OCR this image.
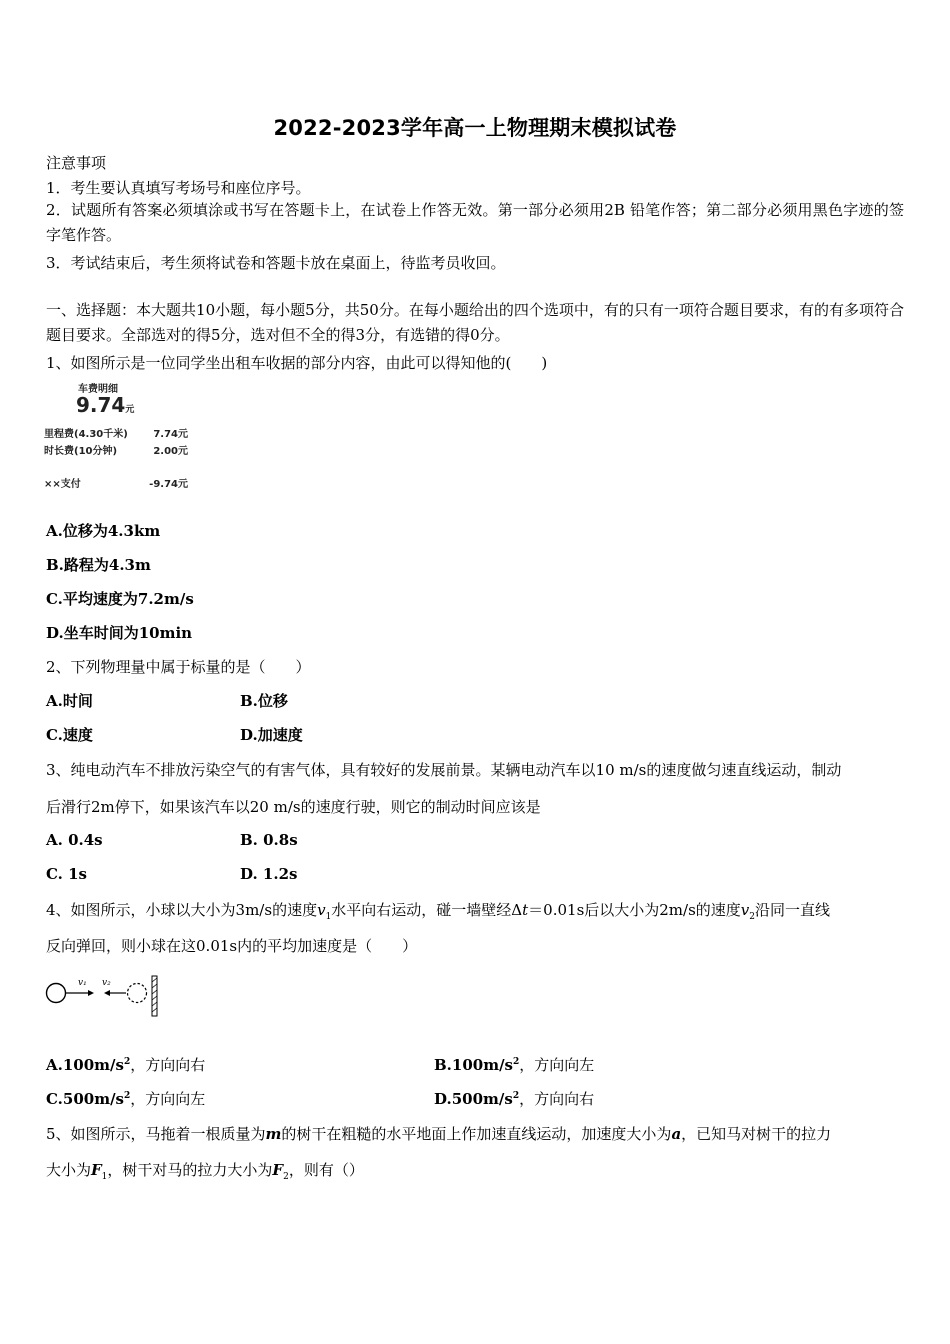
2022-2023学年高一上物理期末模拟试卷
注意事项
1．考生要认真填写考场号和座位序号。
2．试题所有答案必须填涂或书写在答题卡上，在试卷上作答无效。第一部分必须用2B 铅笔作答；第二部分必须用黑色字迹的签字笔作答。
3．考试结束后，考生须将试卷和答题卡放在桌面上，待监考员收回。
一、选择题：本大题共10小题，每小题5分，共50分。在每小题给出的四个选项中，有的只有一项符合题目要求，有的有多项符合题目要求。全部选对的得5分，选对但不全的得3分，有选错的得0分。
1、如图所示是一位同学坐出租车收据的部分内容，由此可以得知他的(　　)
车费明细
9.74元
里程费(4.30千米)	7.74元
时长费(10分钟)	2.00元
××支付	-9.74元
A.位移为4.3km
B.路程为4.3m
C.平均速度为7.2m/s
D.坐车时间为10min
2、下列物理量中属于标量的是（　　）
A.时间	B.位移
C.速度	D.加速度
3、纯电动汽车不排放污染空气的有害气体，具有较好的发展前景。某辆电动汽车以10 m/s的速度做匀速直线运动，制动
后滑行2m停下，如果该汽车以20 m/s的速度行驶，则它的制动时间应该是
A. 0.4s	B. 0.8s
C. 1s	D. 1.2s
4、如图所示，小球以大小为3m/s的速度$v_1$水平向右运动，碰一墙壁经Δt＝0.01s后以大小为2m/s的速度$v_2$沿同一直线
反向弹回，则小球在这0.01s内的平均加速度是（　　）
v₁ v₂
$A.100m/s^2$，方向向右	$B.100m/s^2$，方向向左
$C.500m/s^2$，方向向左	$D.500m/s^2$，方向向右
5、如图所示，马拖着一根质量为m的树干在粗糙的水平地面上作加速直线运动，加速度大小为a，已知马对树干的拉力
大小为$F_1$，树干对马的拉力大小为$F_2$，则有（）
